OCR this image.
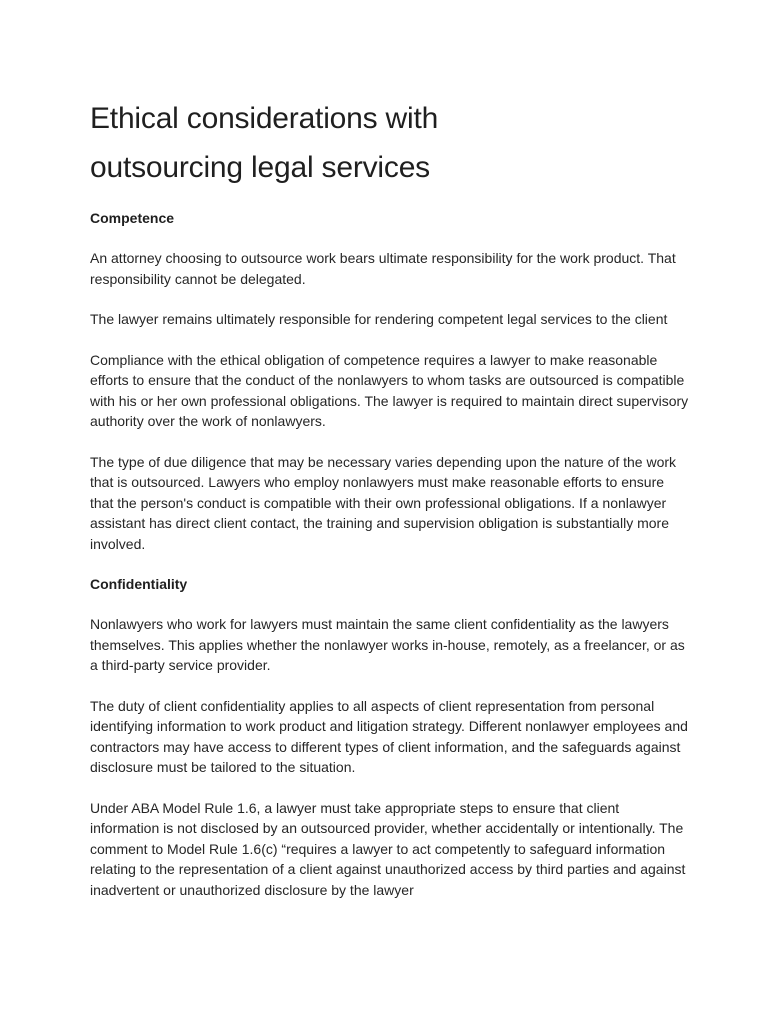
Ethical considerations with
outsourcing legal services
Competence

An attorney choosing to outsource work bears ultimate responsibility for the work product. That responsibility cannot be delegated.

The lawyer remains ultimately responsible for rendering competent legal services to the client

Compliance with the ethical obligation of competence requires a lawyer to make reasonable efforts to ensure that the conduct of the nonlawyers to whom tasks are outsourced is compatible with his or her own professional obligations. The lawyer is required to maintain direct supervisory authority over the work of nonlawyers.

The type of due diligence that may be necessary varies depending upon the nature of the work that is outsourced. Lawyers who employ nonlawyers must make reasonable efforts to ensure that the person's conduct is compatible with their own professional obligations. If a nonlawyer assistant has direct client contact, the training and supervision obligation is substantially more involved.

Confidentiality

Nonlawyers who work for lawyers must maintain the same client confidentiality as the lawyers themselves. This applies whether the nonlawyer works in-house, remotely, as a freelancer, or as a third-party service provider.

The duty of client confidentiality applies to all aspects of client representation from personal identifying information to work product and litigation strategy. Different nonlawyer employees and contractors may have access to different types of client information, and the safeguards against disclosure must be tailored to the situation.

Under ABA Model Rule 1.6, a lawyer must take appropriate steps to ensure that client information is not disclosed by an outsourced provider, whether accidentally or intentionally. The comment to Model Rule 1.6(c) “requires a lawyer to act competently to safeguard information relating to the representation of a client against unauthorized access by third parties and against inadvertent or unauthorized disclosure by the lawyer
